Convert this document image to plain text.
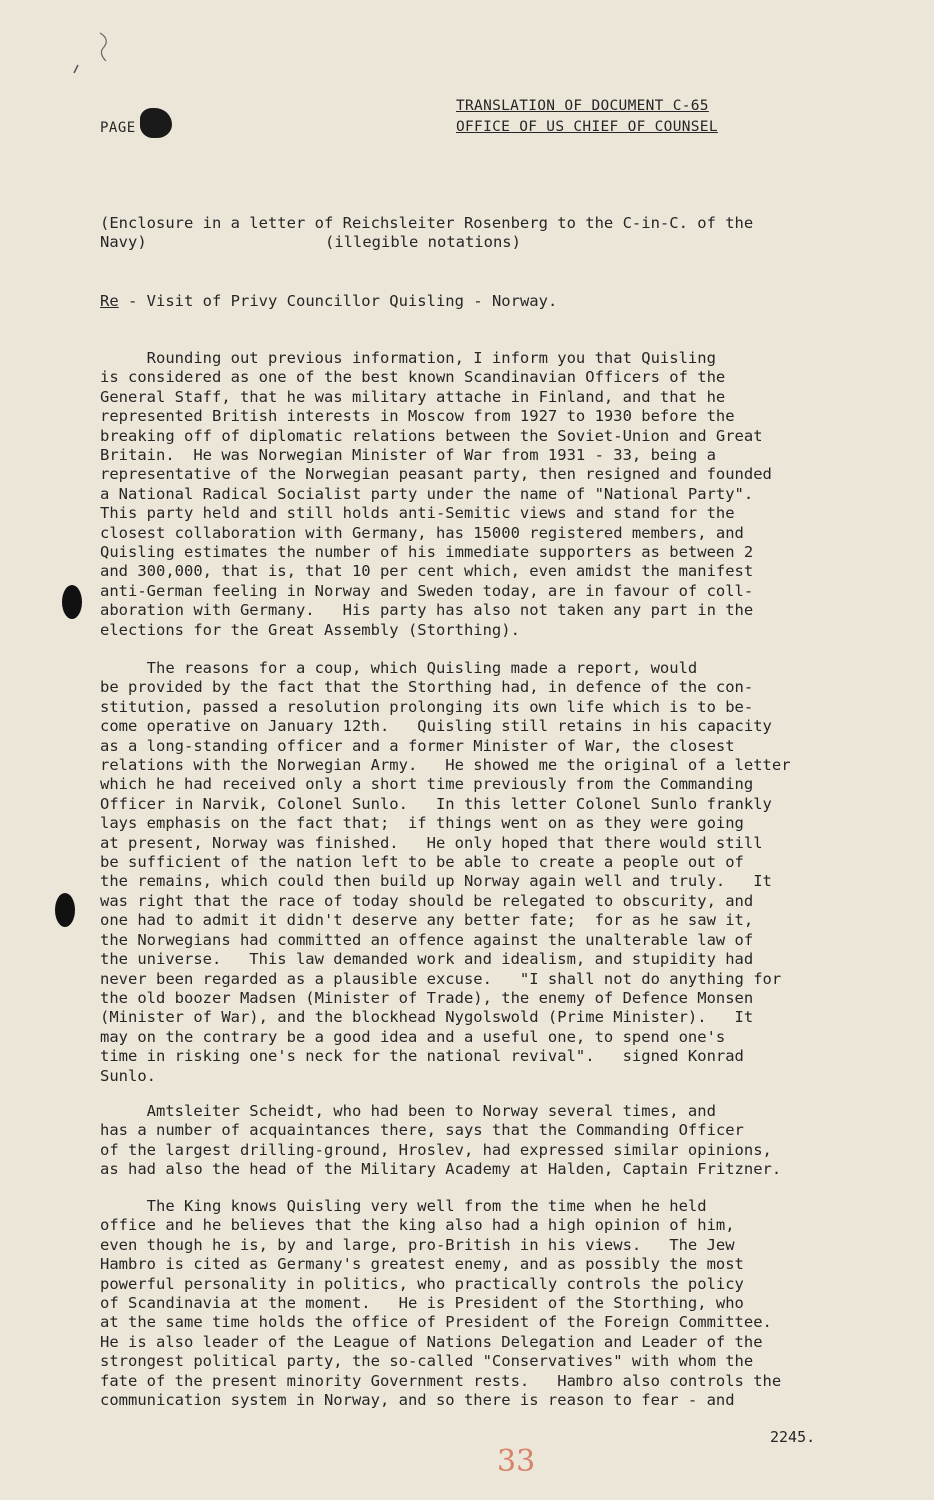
PAGE
TRANSLATION OF DOCUMENT C-65
OFFICE OF US CHIEF OF COUNSEL
(Enclosure in a letter of Reichsleiter Rosenberg to the C-in-C. of the
Navy)	(illegible notations)
Re - Visit of Privy Councillor Quisling - Norway.
Rounding out previous information, I inform you that Quisling
is considered as one of the best known Scandinavian Officers of the
General Staff, that he was military attache in Finland, and that he
represented British interests in Moscow from 1927 to 1930 before the
breaking off of diplomatic relations between the Soviet-Union and Great
Britain.  He was Norwegian Minister of War from 1931 - 33, being a
representative of the Norwegian peasant party, then resigned and founded
a National Radical Socialist party under the name of "National Party".
This party held and still holds anti-Semitic views and stand for the
closest collaboration with Germany, has 15000 registered members, and
Quisling estimates the number of his immediate supporters as between 2
and 300,000, that is, that 10 per cent which, even amidst the manifest
anti-German feeling in Norway and Sweden today, are in favour of coll-
aboration with Germany.   His party has also not taken any part in the
elections for the Great Assembly (Storthing).
The reasons for a coup, which Quisling made a report, would
be provided by the fact that the Storthing had, in defence of the con-
stitution, passed a resolution prolonging its own life which is to be-
come operative on January 12th.   Quisling still retains in his capacity
as a long-standing officer and a former Minister of War, the closest
relations with the Norwegian Army.   He showed me the original of a letter
which he had received only a short time previously from the Commanding
Officer in Narvik, Colonel Sunlo.   In this letter Colonel Sunlo frankly
lays emphasis on the fact that;  if things went on as they were going
at present, Norway was finished.   He only hoped that there would still
be sufficient of the nation left to be able to create a people out of
the remains, which could then build up Norway again well and truly.   It
was right that the race of today should be relegated to obscurity, and
one had to admit it didn't deserve any better fate;  for as he saw it,
the Norwegians had committed an offence against the unalterable law of
the universe.   This law demanded work and idealism, and stupidity had
never been regarded as a plausible excuse.   "I shall not do anything for
the old boozer Madsen (Minister of Trade), the enemy of Defence Monsen
(Minister of War), and the blockhead Nygolswold (Prime Minister).   It
may on the contrary be a good idea and a useful one, to spend one's
time in risking one's neck for the national revival".   signed Konrad
Sunlo.
Amtsleiter Scheidt, who had been to Norway several times, and
has a number of acquaintances there, says that the Commanding Officer
of the largest drilling-ground, Hroslev, had expressed similar opinions,
as had also the head of the Military Academy at Halden, Captain Fritzner.
The King knows Quisling very well from the time when he held
office and he believes that the king also had a high opinion of him,
even though he is, by and large, pro-British in his views.   The Jew
Hambro is cited as Germany's greatest enemy, and as possibly the most
powerful personality in politics, who practically controls the policy
of Scandinavia at the moment.   He is President of the Storthing, who
at the same time holds the office of President of the Foreign Committee.
He is also leader of the League of Nations Delegation and Leader of the
strongest political party, the so-called "Conservatives" with whom the
fate of the present minority Government rests.   Hambro also controls the
communication system in Norway, and so there is reason to fear - and
2245.
33
